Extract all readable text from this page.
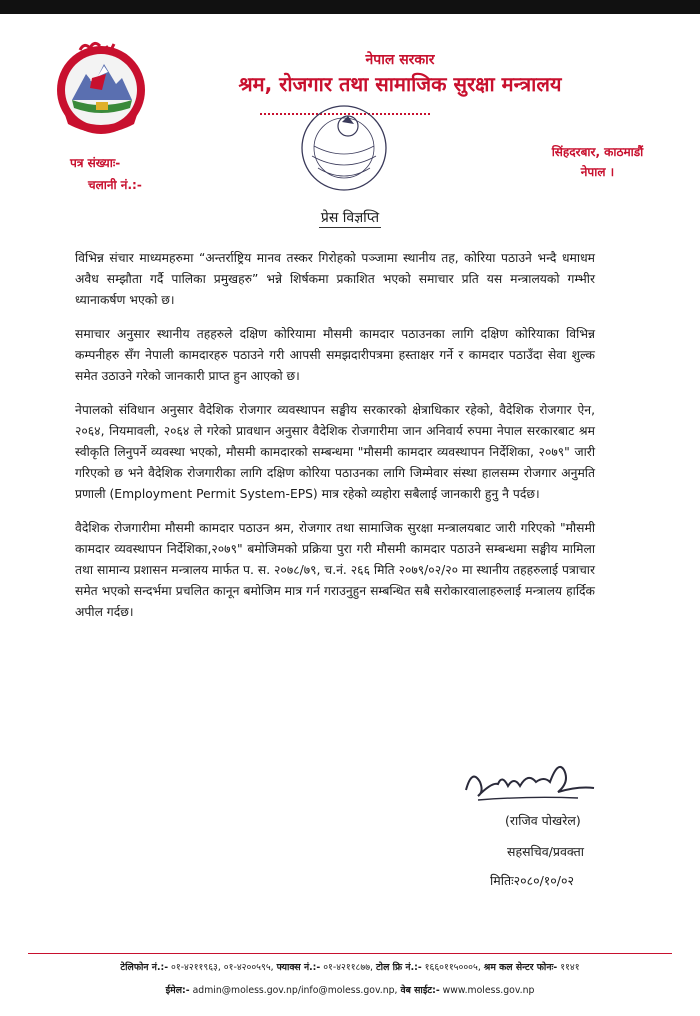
नेपाल सरकार
श्रम, रोजगार तथा सामाजिक सुरक्षा मन्त्रालय
पत्र संख्याः-
चलानी नं.:-
सिंहदरबार, काठमाडौं
नेपाल ।
प्रेस विज्ञप्ति

विभिन्न संचार माध्यमहरुमा “अन्तर्राष्ट्रिय मानव तस्कर गिरोहको पञ्जामा स्थानीय तह, कोरिया पठाउने भन्दै धमाधम अवैध सम्झौता गर्दै पालिका प्रमुखहरु” भन्ने शिर्षकमा प्रकाशित भएको समाचार प्रति यस मन्त्रालयको गम्भीर ध्यानाकर्षण भएको छ।

समाचार अनुसार स्थानीय तहहरुले दक्षिण कोरियामा मौसमी कामदार पठाउनका लागि दक्षिण कोरियाका विभिन्न कम्पनीहरु सँग नेपाली कामदारहरु पठाउने गरी आपसी समझदारीपत्रमा हस्ताक्षर गर्ने र कामदार पठाउँदा सेवा शुल्क समेत उठाउने गरेको जानकारी प्राप्त हुन आएको छ।

नेपालको संविधान अनुसार वैदेशिक रोजगार व्यवस्थापन सङ्घीय सरकारको क्षेत्राधिकार रहेको, वैदेशिक रोजगार ऐन, २०६४, नियमावली, २०६४ ले गरेको प्रावधान अनुसार वैदेशिक रोजगारीमा जान अनिवार्य रुपमा नेपाल सरकारबाट श्रम स्वीकृति लिनुपर्ने व्यवस्था भएको, मौसमी कामदारको सम्बन्धमा "मौसमी कामदार व्यवस्थापन निर्देशिका, २०७९" जारी गरिएको छ भने वैदेशिक रोजगारीका लागि दक्षिण कोरिया पठाउनका लागि जिम्मेवार संस्था हालसम्म रोजगार अनुमति प्रणाली (Employment Permit System-EPS) मात्र रहेको व्यहोरा सबैलाई जानकारी हुनु नै पर्दछ।

वैदेशिक रोजगारीमा मौसमी कामदार पठाउन श्रम, रोजगार तथा सामाजिक सुरक्षा मन्त्रालयबाट जारी गरिएको "मौसमी कामदार व्यवस्थापन निर्देशिका,२०७९" बमोजिमको प्रक्रिया पुरा गरी मौसमी कामदार पठाउने सम्बन्धमा सङ्घीय मामिला तथा सामान्य प्रशासन मन्त्रालय मार्फत प. स. २०७८/७९, च.नं. २६६ मिति २०७९/०२/२० मा स्थानीय तहहरुलाई पत्राचार समेत भएको सन्दर्भमा प्रचलित कानून बमोजिम मात्र गर्न गराउनुहुन सम्बन्धित सबै सरोकारवालाहरुलाई मन्त्रालय हार्दिक अपील गर्दछ।

(राजिव पोखरेल)
सहसचिव/प्रवक्ता
मितिः२०८०/१०/०२
टेलिफोन नं.:- ०१-४२११९६३, ०१-४२००५९५, फ्याक्स नं.:- ०१-४२११८७७, टोल फ्रि नं.:- १६६०११५०००५, श्रम कल सेन्टर फोनः- ११४१
ईमेल:- admin@moless.gov.np/info@moless.gov.np, वेब साईट:- www.moless.gov.np
